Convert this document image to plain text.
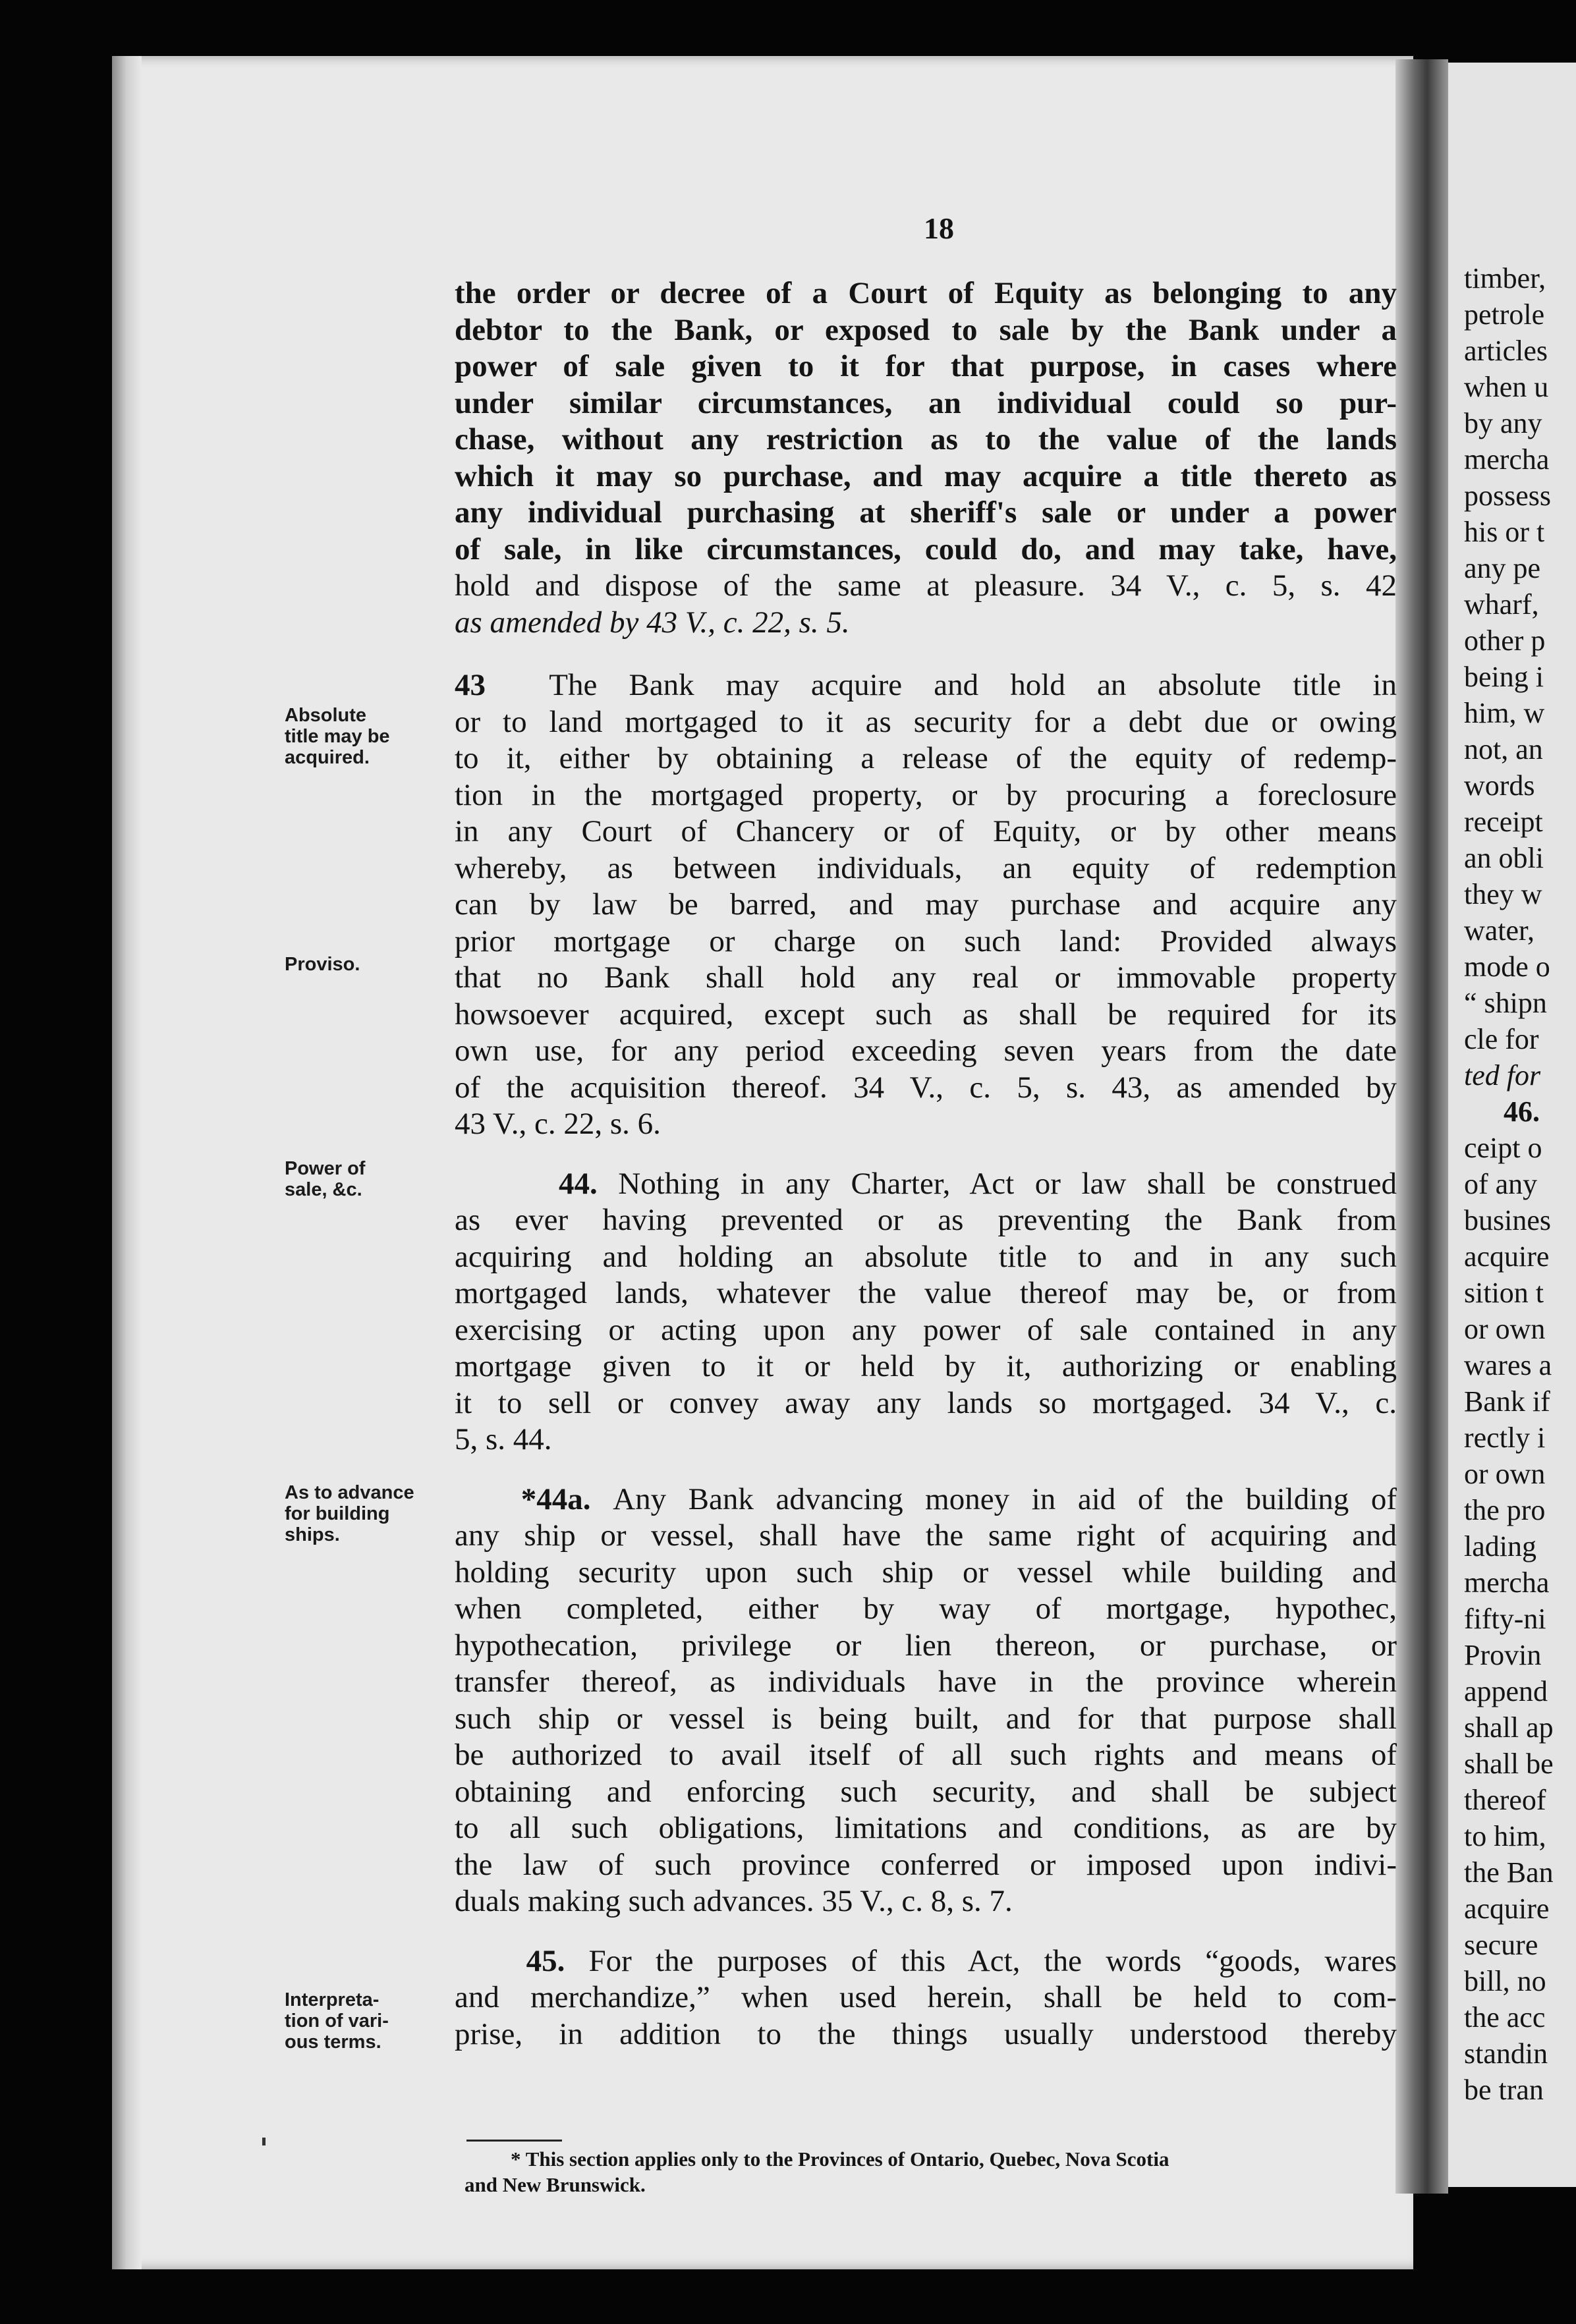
18
Absolute
title may be
acquired.
Proviso.
Power of
sale, &c.
As to advance
for building
ships.
Interpreta-
tion of vari-
ous terms.
the order or decree of a Court of Equity as belonging to any
debtor to the Bank, or exposed to sale by the Bank under a
power of sale given to it for that purpose, in cases where
under similar circumstances, an individual could so pur-
chase, without any restriction as to the value of the lands
which it may so purchase, and may acquire a title thereto as
any individual purchasing at sheriff's sale or under a power
of sale, in like circumstances, could do, and may take, have,
hold and dispose of the same at pleasure. 34 V., c. 5, s. 42
as amended by 43 V., c. 22, s. 5.
43 The Bank may acquire and hold an absolute title in
or to land mortgaged to it as security for a debt due or owing
to it, either by obtaining a release of the equity of redemp-
tion in the mortgaged property, or by procuring a foreclosure
in any Court of Chancery or of Equity, or by other means
whereby, as between individuals, an equity of redemption
can by law be barred, and may purchase and acquire any
prior mortgage or charge on such land: Provided always
that no Bank shall hold any real or immovable property
howsoever acquired, except such as shall be required for its
own use, for any period exceeding seven years from the date
of the acquisition thereof. 34 V., c. 5, s. 43, as amended by
43 V., c. 22, s. 6.
44. Nothing in any Charter, Act or law shall be construed
as ever having prevented or as preventing the Bank from
acquiring and holding an absolute title to and in any such
mortgaged lands, whatever the value thereof may be, or from
exercising or acting upon any power of sale contained in any
mortgage given to it or held by it, authorizing or enabling
it to sell or convey away any lands so mortgaged. 34 V., c.
5, s. 44.
*44a. Any Bank advancing money in aid of the building of
any ship or vessel, shall have the same right of acquiring and
holding security upon such ship or vessel while building and
when completed, either by way of mortgage, hypothec,
hypothecation, privilege or lien thereon, or purchase, or
transfer thereof, as individuals have in the province wherein
such ship or vessel is being built, and for that purpose shall
be authorized to avail itself of all such rights and means of
obtaining and enforcing such security, and shall be subject
to all such obligations, limitations and conditions, as are by
the law of such province conferred or imposed upon indivi-
duals making such advances. 35 V., c. 8, s. 7.
45. For the purposes of this Act, the words “goods, wares
and merchandize,” when used herein, shall be held to com-
prise, in addition to the things usually understood thereby
* This section applies only to the Provinces of Ontario, Quebec, Nova Scotia
and New Brunswick.
timber,
petrole
articles
when u
by any
mercha
possess
his or t
any pe
wharf,
other p
being i
him, w
not, an
words
receipt
an obli
they w
water,
mode o
“ shipn
cle for
ted for
46.
ceipt o
of any
busines
acquire
sition t
or own
wares a
Bank if
rectly i
or own
the pro
lading
mercha
fifty-ni
Provin
append
shall ap
shall be
thereof
to him,
the Ban
acquire
secure
bill, no
the acc
standin
be tran
